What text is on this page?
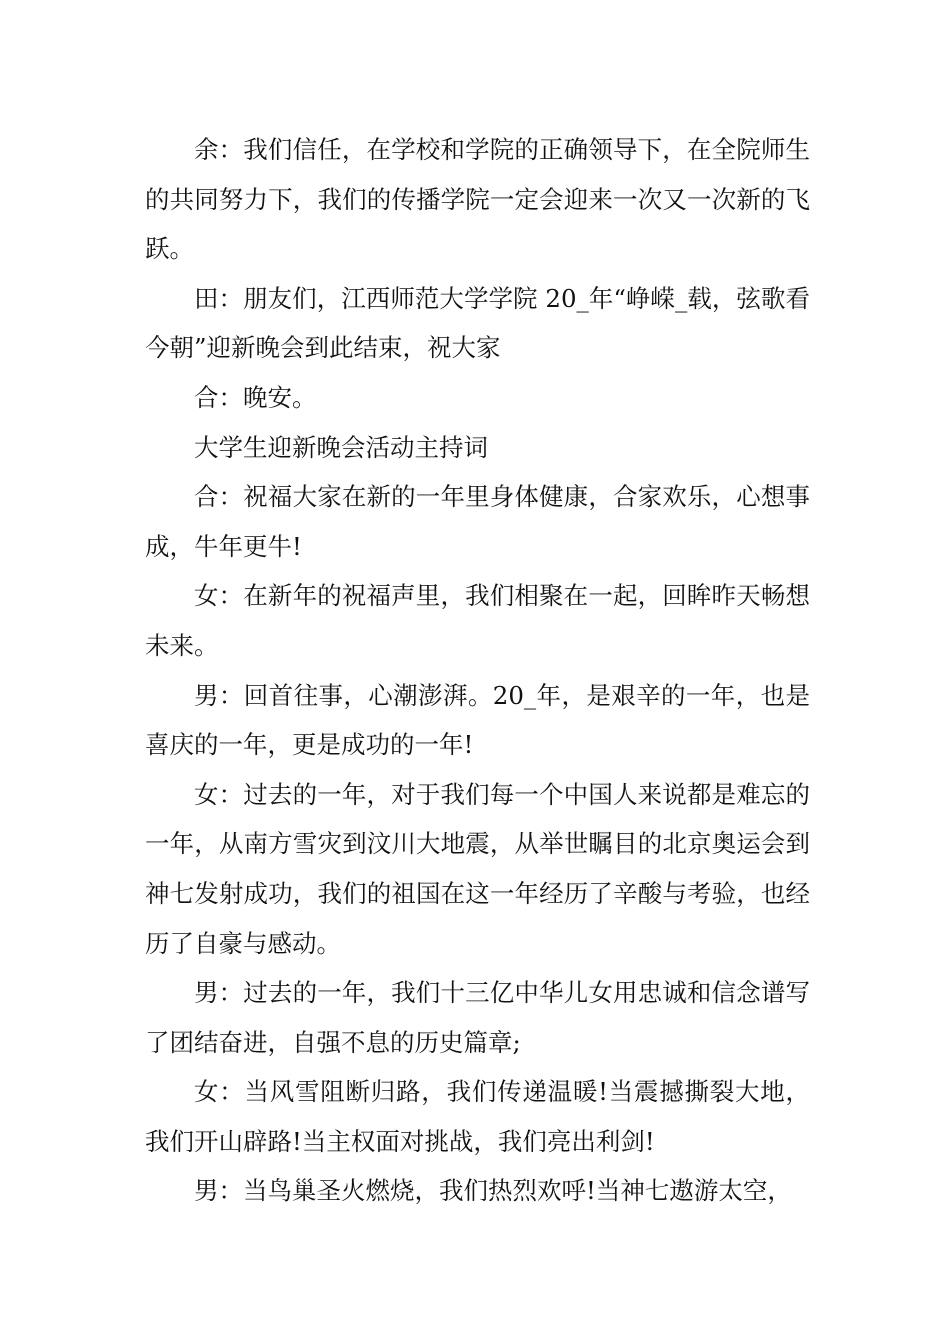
余：我们信任，在学校和学院的正确领导下，在全院师生的共同努力下，我们的传播学院一定会迎来一次又一次新的飞跃。

田：朋友们，江西师范大学学院 20_年“峥嵘_载，弦歌看今朝”迎新晚会到此结束，祝大家

合：晚安。

大学生迎新晚会活动主持词

合：祝福大家在新的一年里身体健康，合家欢乐，心想事成，牛年更牛!

女：在新年的祝福声里，我们相聚在一起，回眸昨天畅想未来。

男：回首往事，心潮澎湃。20_年，是艰辛的一年，也是喜庆的一年，更是成功的一年!

女：过去的一年，对于我们每一个中国人来说都是难忘的一年，从南方雪灾到汶川大地震，从举世瞩目的北京奥运会到神七发射成功，我们的祖国在这一年经历了辛酸与考验，也经历了自豪与感动。

男：过去的一年，我们十三亿中华儿女用忠诚和信念谱写了团结奋进，自强不息的历史篇章;

女：当风雪阻断归路，我们传递温暖!当震撼撕裂大地，我们开山辟路!当主权面对挑战，我们亮出利剑!

男：当鸟巢圣火燃烧，我们热烈欢呼!当神七遨游太空，
